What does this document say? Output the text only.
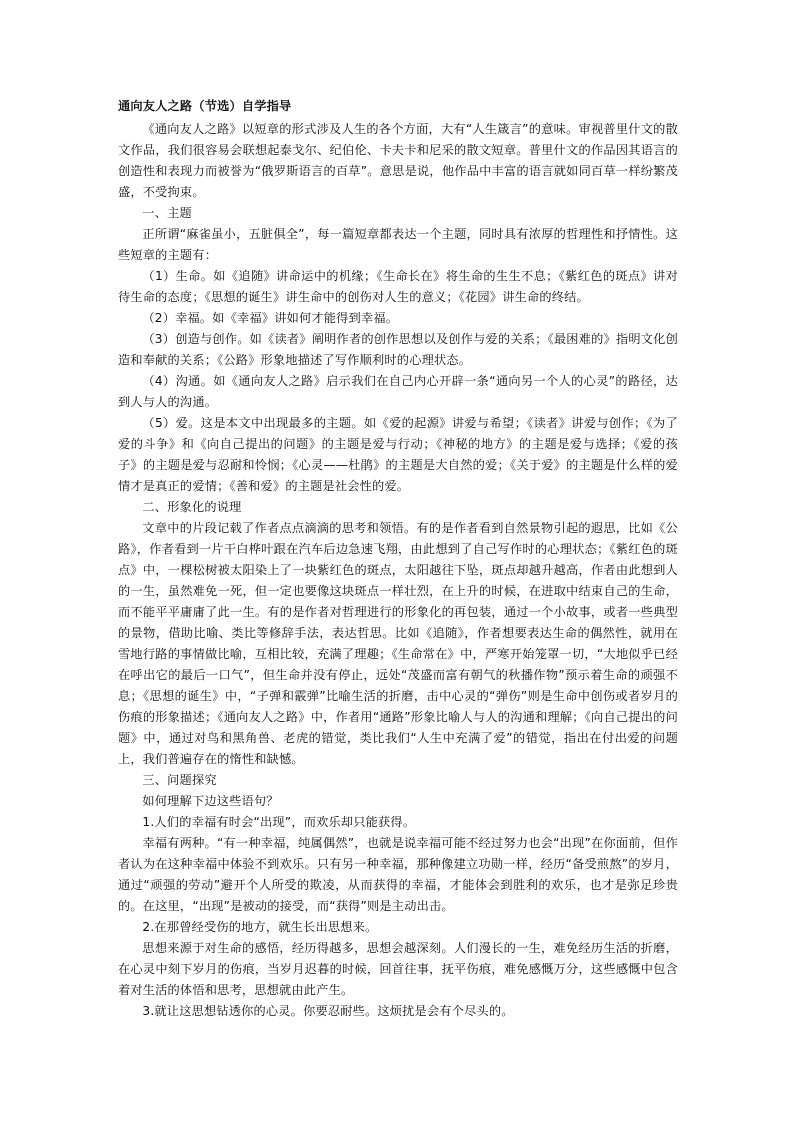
通向友人之路（节选）自学指导

《通向友人之路》以短章的形式涉及人生的各个方面，大有“人生箴言”的意味。审视普里什文的散文作品，我们很容易会联想起泰戈尔、纪伯伦、卡夫卡和尼采的散文短章。普里什文的作品因其语言的创造性和表现力而被誉为“俄罗斯语言的百草”。意思是说，他作品中丰富的语言就如同百草一样纷繁茂盛，不受拘束。

一、主题

正所谓“麻雀虽小，五脏俱全”，每一篇短章都表达一个主题，同时具有浓厚的哲理性和抒情性。这些短章的主题有：

（1）生命。如《追随》讲命运中的机缘；《生命长在》将生命的生生不息；《紫红色的斑点》讲对待生命的态度；《思想的诞生》讲生命中的创伤对人生的意义；《花园》讲生命的终结。

（2）幸福。如《幸福》讲如何才能得到幸福。

（3）创造与创作。如《读者》阐明作者的创作思想以及创作与爱的关系；《最困难的》指明文化创造和奉献的关系；《公路》形象地描述了写作顺利时的心理状态。

（4）沟通。如《通向友人之路》启示我们在自己内心开辟一条“通向另一个人的心灵”的路径，达到人与人的沟通。

（5）爱。这是本文中出现最多的主题。如《爱的起源》讲爱与希望；《读者》讲爱与创作；《为了爱的斗争》和《向自己提出的问题》的主题是爱与行动；《神秘的地方》的主题是爱与选择；《爱的孩子》的主题是爱与忍耐和怜悯；《心灵——杜鹃》的主题是大自然的爱；《关于爱》的主题是什么样的爱情才是真正的爱情；《善和爱》的主题是社会性的爱。

二、形象化的说理

文章中的片段记载了作者点点滴滴的思考和领悟。有的是作者看到自然景物引起的遐思，比如《公路》，作者看到一片干白桦叶跟在汽车后边急速飞翔，由此想到了自己写作时的心理状态；《紫红色的斑点》中，一棵松树被太阳染上了一块紫红色的斑点，太阳越往下坠，斑点却越升越高，作者由此想到人的一生，虽然难免一死，但一定也要像这块斑点一样壮烈，在上升的时候，在进取中结束自己的生命，而不能平平庸庸了此一生。有的是作者对哲理进行的形象化的再包装，通过一个小故事，或者一些典型的景物，借助比喻、类比等修辞手法，表达哲思。比如《追随》，作者想要表达生命的偶然性，就用在雪地行路的事情做比喻，互相比较，充满了理趣；《生命常在》中，严寒开始笼罩一切，“大地似乎已经在呼出它的最后一口气”，但生命并没有停止，远处“茂盛而富有朝气的秋播作物”预示着生命的顽强不息；《思想的诞生》中，“子弹和霰弹”比喻生活的折磨，击中心灵的“弹伤”则是生命中创伤或者岁月的伤痕的形象描述；《通向友人之路》中，作者用“通路”形象比喻人与人的沟通和理解；《向自己提出的问题》中，通过对鸟和黑角兽、老虎的错觉，类比我们“人生中充满了爱”的错觉，指出在付出爱的问题上，我们普遍存在的惰性和缺憾。

三、问题探究

如何理解下边这些语句？

1.人们的幸福有时会“出现”，而欢乐却只能获得。

幸福有两种。“有一种幸福，纯属偶然”，也就是说幸福可能不经过努力也会“出现”在你面前，但作者认为在这种幸福中体验不到欢乐。只有另一种幸福，那种像建立功勋一样，经历“备受煎熬”的岁月，通过“顽强的劳动”避开个人所受的欺凌，从而获得的幸福，才能体会到胜利的欢乐，也才是弥足珍贵的。在这里，“出现”是被动的接受，而“获得”则是主动出击。

2.在那曾经受伤的地方，就生长出思想来。

思想来源于对生命的感悟，经历得越多，思想会越深刻。人们漫长的一生，难免经历生活的折磨，在心灵中刻下岁月的伤痕，当岁月迟暮的时候，回首往事，抚平伤痕，难免感慨万分，这些感慨中包含着对生活的体悟和思考，思想就由此产生。

3.就让这思想钻透你的心灵。你要忍耐些。这烦扰是会有个尽头的。
